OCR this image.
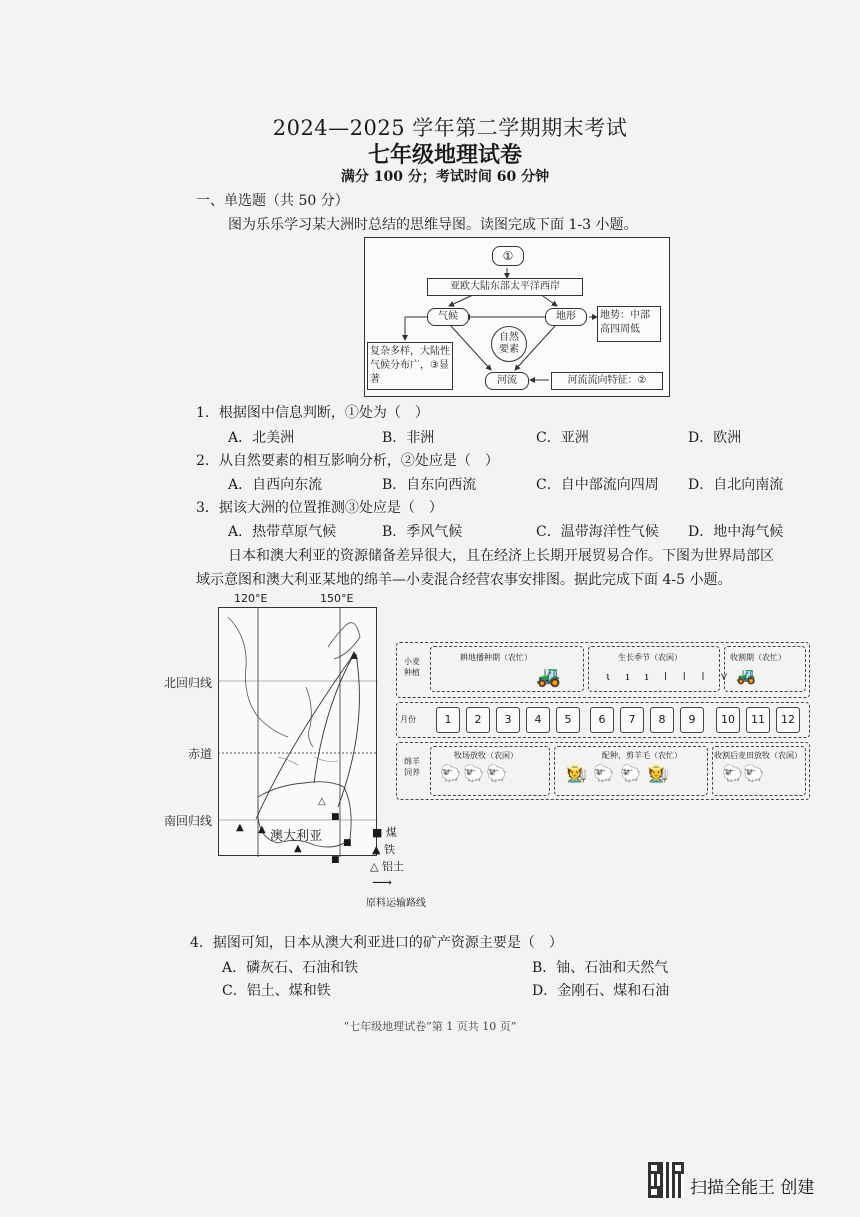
2024—2025 学年第二学期期末考试
七年级地理试卷
满分 100 分；考试时间 60 分钟
一、单选题（共 50 分）
图为乐乐学习某大洲时总结的思维导图。读图完成下面 1-3 小题。
①
亚欧大陆东部太平洋西岸
气候	地形
自然
要素
河流
地势：中部高四周低
复杂多样，大陆性气候分布广，③显著	河流流向特征：②
1．根据图中信息判断，①处为（　）
A．北美洲	B．非洲	C．亚洲	D．欧洲
2．从自然要素的相互影响分析，②处应是（　）
A．自西向东流	B．自东向西流	C．自中部流向四周 D．自北向南流
3．据该大洲的位置推测③处应是（　）
A．热带草原气候	B．季风气候	C．温带海洋性气候 D．地中海气候
日本和澳大利亚的资源储备差异很大，且在经济上长期开展贸易合作。下图为世界局部区
域示意图和澳大利亚某地的绵羊—小麦混合经营农事安排图。据此完成下面 4-5 小题。
120°E	150°E
北回归线
赤道
南回归线
澳大利亚
▲ ▲
▲
△
■
■
■
■ 煤
▲ 铁
△ 铝土
⟶
原料运输路线
小麦
种植
耕地播种期（农忙）
🚜
生长季节（农闲）
ι ı ı ǀ ǀ ǀ ⋎
收割期（农忙）
🚜
月份	1	2	3	4	5	6	7	8	9	10	11	12
绵羊
饲养
牧场放牧（农闲）
🐑🐑🐑
配种、剪羊毛（农忙）
🧑‍🌾🐑🐑🧑‍🌾
收割后麦田放牧（农闲）
🐑🐑
4．据图可知，日本从澳大利亚进口的矿产资源主要是（　）
A．磷灰石、石油和铁	B．铀、石油和天然气
C．铝土、煤和铁	D．金刚石、煤和石油
“七年级地理试卷”第 1 页共 10 页”
扫描全能王 创建
